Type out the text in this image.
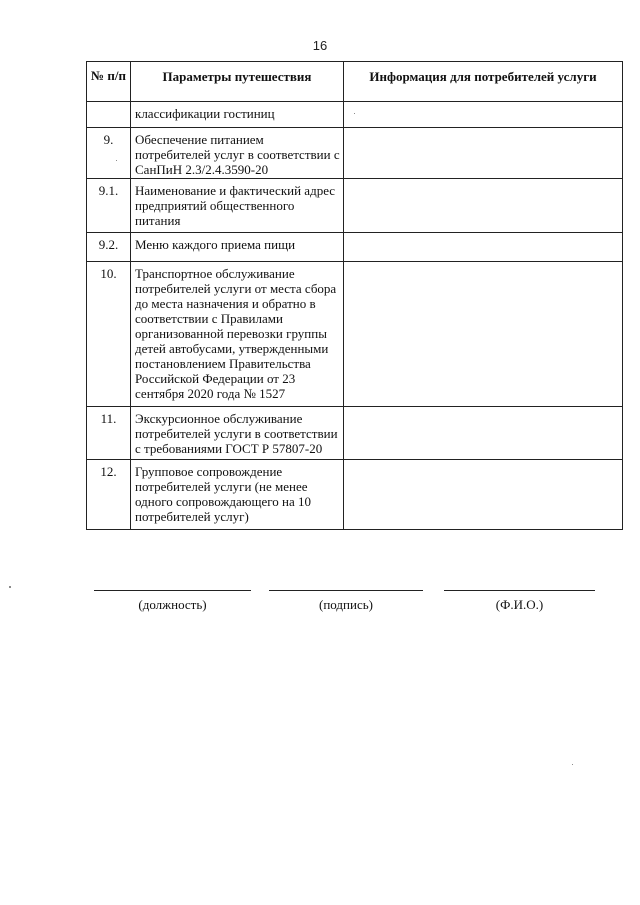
16
№ п/п	Параметры путешествия	Информация для потребителей услуги
	классификации гостиниц	
9.	Обеспечение питанием потребителей услуг в соответствии с СанПиН 2.3/2.4.3590-20	
9.1.	Наименование и фактический адрес предприятий общественного питания	
9.2.	Меню каждого приема пищи	
10.	Транспортное обслуживание потребителей услуги от места сбора до места назначения и обратно в соответствии с Правилами организованной перевозки группы детей автобусами, утвержденными постановлением Правительства Российской Федерации от 23 сентября 2020 года № 1527	
11.	Экскурсионное обслуживание потребителей услуги в соответствии с требованиями ГОСТ Р 57807-20	
12.	Групповое сопровождение потребителей услуги (не менее одного сопровождающего на 10 потребителей услуг)	
(должность)	(подпись)	(Ф.И.О.)
